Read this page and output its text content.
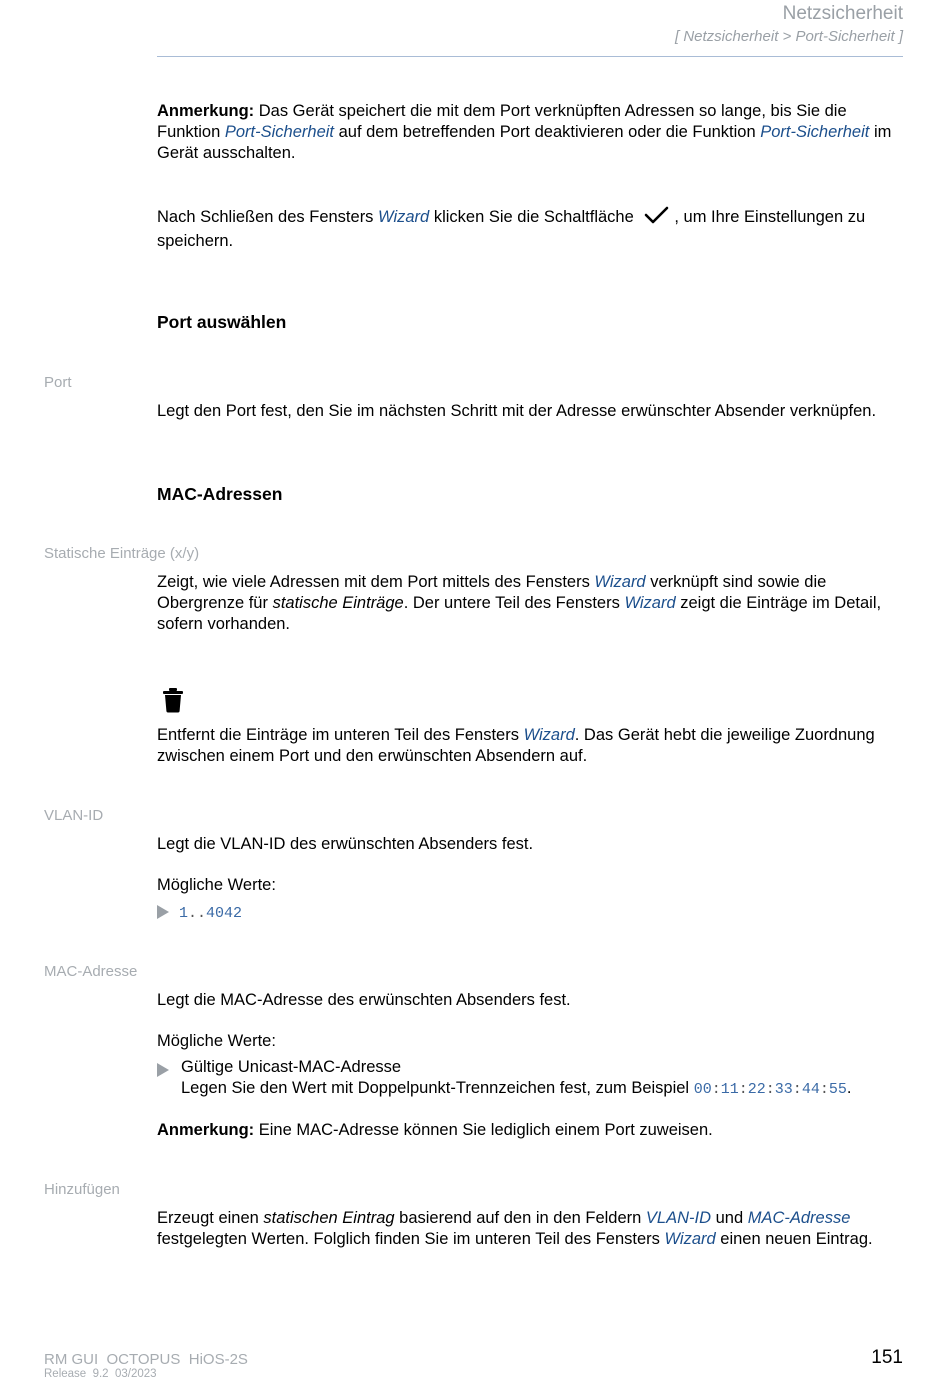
Netzsicherheit
[ Netzsicherheit > Port-Sicherheit ]
Anmerkung: Das Gerät speichert die mit dem Port verknüpften Adressen so lange, bis Sie die Funktion Port-Sicherheit auf dem betreffenden Port deaktivieren oder die Funktion Port-Sicherheit im Gerät ausschalten.
Nach Schließen des Fensters Wizard klicken Sie die Schaltfläche
, um Ihre Einstellungen zu speichern.
Port auswählen
Port
Legt den Port fest, den Sie im nächsten Schritt mit der Adresse erwünschter Absender verknüpfen.
MAC-Adressen
Statische Einträge (x/y)
Zeigt, wie viele Adressen mit dem Port mittels des Fensters Wizard verknüpft sind sowie die Obergrenze für statische Einträge. Der untere Teil des Fensters Wizard zeigt die Einträge im Detail, sofern vorhanden.
Entfernt die Einträge im unteren Teil des Fensters Wizard. Das Gerät hebt die jeweilige Zuordnung zwischen einem Port und den erwünschten Absendern auf.
VLAN-ID
Legt die VLAN-ID des erwünschten Absenders fest.
Mögliche Werte:
1..4042
MAC-Adresse
Legt die MAC-Adresse des erwünschten Absenders fest.
Mögliche Werte:
Gültige Unicast-MAC-Adresse
Legen Sie den Wert mit Doppelpunkt-Trennzeichen fest, zum Beispiel 00:11:22:33:44:55.
Anmerkung: Eine MAC-Adresse können Sie lediglich einem Port zuweisen.
Hinzufügen
Erzeugt einen statischen Eintrag basierend auf den in den Feldern VLAN-ID und MAC-Adresse festgelegten Werten. Folglich finden Sie im unteren Teil des Fensters Wizard einen neuen Eintrag.
RM GUI  OCTOPUS  HiOS-2S
Release  9.2  03/2023
151
